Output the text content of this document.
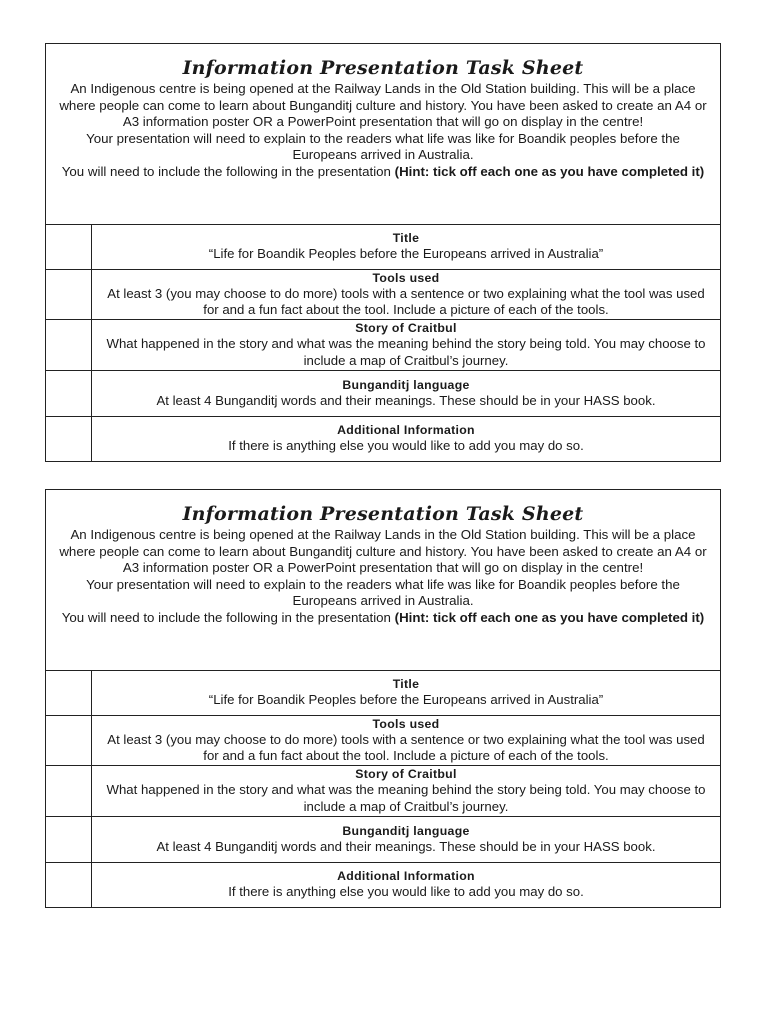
Information Presentation Task Sheet

An Indigenous centre is being opened at the Railway Lands in the Old Station building. This will be a place where people can come to learn about Bunganditj culture and history. You have been asked to create an A4 or A3 information poster OR a PowerPoint presentation that will go on display in the centre!

Your presentation will need to explain to the readers what life was like for Boandik peoples before the Europeans arrived in Australia.

You will need to include the following in the presentation (Hint: tick off each one as you have completed it)

Title
“Life for Boandik Peoples before the Europeans arrived in Australia”
Tools used
At least 3 (you may choose to do more) tools with a sentence or two explaining what the tool was used for and a fun fact about the tool. Include a picture of each of the tools.
Story of Craitbul
What happened in the story and what was the meaning behind the story being told. You may choose to include a map of Craitbul’s journey.
Bunganditj language
At least 4 Bunganditj words and their meanings. These should be in your HASS book.
Additional Information
If there is anything else you would like to add you may do so.
Information Presentation Task Sheet

An Indigenous centre is being opened at the Railway Lands in the Old Station building. This will be a place where people can come to learn about Bunganditj culture and history. You have been asked to create an A4 or A3 information poster OR a PowerPoint presentation that will go on display in the centre!

Your presentation will need to explain to the readers what life was like for Boandik peoples before the Europeans arrived in Australia.

You will need to include the following in the presentation (Hint: tick off each one as you have completed it)

Title
“Life for Boandik Peoples before the Europeans arrived in Australia”
Tools used
At least 3 (you may choose to do more) tools with a sentence or two explaining what the tool was used for and a fun fact about the tool. Include a picture of each of the tools.
Story of Craitbul
What happened in the story and what was the meaning behind the story being told. You may choose to include a map of Craitbul’s journey.
Bunganditj language
At least 4 Bunganditj words and their meanings. These should be in your HASS book.
Additional Information
If there is anything else you would like to add you may do so.
